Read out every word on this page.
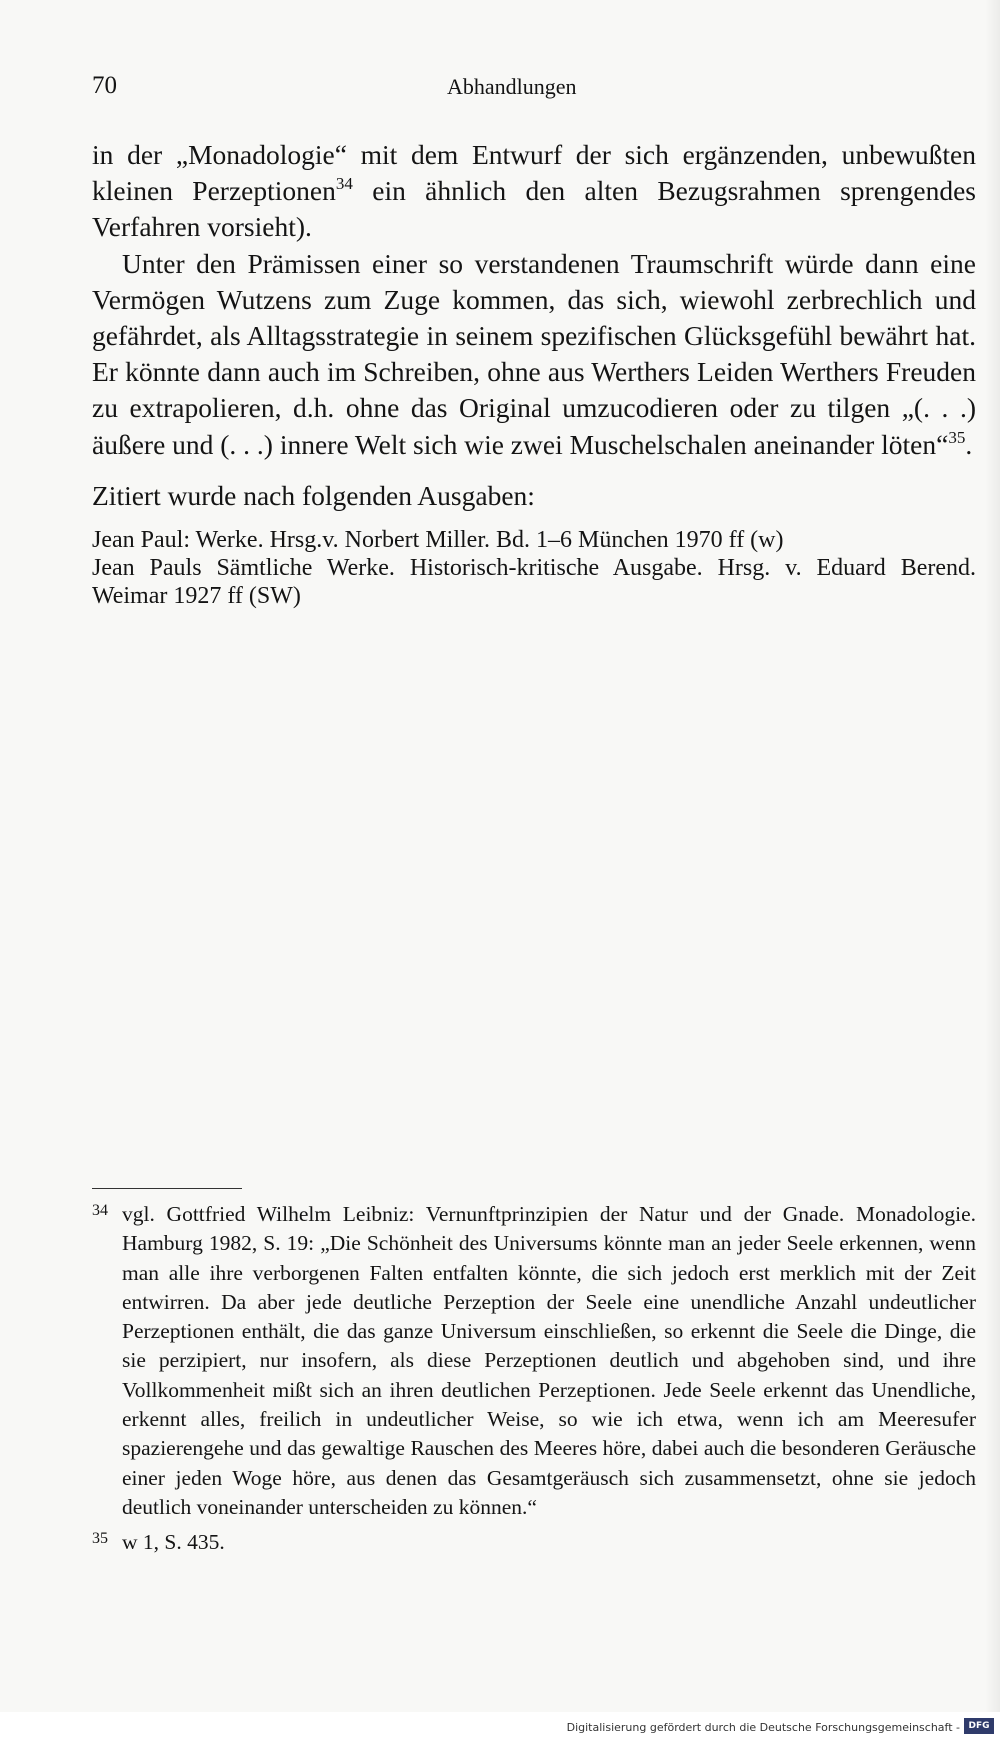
70	Abhandlungen

in der „Monadologie“ mit dem Entwurf der sich ergänzenden, unbewußten kleinen Perzeptionen$^{34}$ ein ähnlich den alten Bezugsrahmen sprengendes Verfahren vorsieht).

Unter den Prämissen einer so verstandenen Traumschrift würde dann eine Vermögen Wutzens zum Zuge kommen, das sich, wiewohl zerbrechlich und gefährdet, als Alltagsstrategie in seinem spezifischen Glücksgefühl bewährt hat. Er könnte dann auch im Schreiben, ohne aus Werthers Leiden Werthers Freuden zu extrapolieren, d.h. ohne das Original umzucodieren oder zu tilgen „(. . .) äußere und (. . .) innere Welt sich wie zwei Muschelschalen aneinander löten“$^{35}$.

Zitiert wurde nach folgenden Ausgaben:

Jean Paul: Werke. Hrsg.v. Norbert Miller. Bd. 1–6 München 1970 ff (w)

Jean Pauls Sämtliche Werke. Historisch-kritische Ausgabe. Hrsg. v. Eduard Berend. Weimar 1927 ff (SW)

34 vgl. Gottfried Wilhelm Leibniz: Vernunftprinzipien der Natur und der Gnade. Monadologie. Hamburg 1982, S. 19: „Die Schönheit des Universums könnte man an jeder Seele erkennen, wenn man alle ihre verborgenen Falten entfalten könnte, die sich jedoch erst merklich mit der Zeit entwirren. Da aber jede deutliche Perzeption der Seele eine unendliche Anzahl undeutlicher Perzeptionen enthält, die das ganze Universum einschließen, so erkennt die Seele die Dinge, die sie perzipiert, nur insofern, als diese Perzeptionen deutlich und abgehoben sind, und ihre Vollkommenheit mißt sich an ihren deutlichen Perzeptionen. Jede Seele erkennt das Unendliche, erkennt alles, freilich in undeutlicher Weise, so wie ich etwa, wenn ich am Meeresufer spazierengehe und das gewaltige Rauschen des Meeres höre, dabei auch die besonderen Geräusche einer jeden Woge höre, aus denen das Gesamtgeräusch sich zusammensetzt, ohne sie jedoch deutlich voneinander unterscheiden zu können.“
35 w 1, S. 435.
Digitalisierung gefördert durch die Deutsche Forschungsgemeinschaft - DFG
